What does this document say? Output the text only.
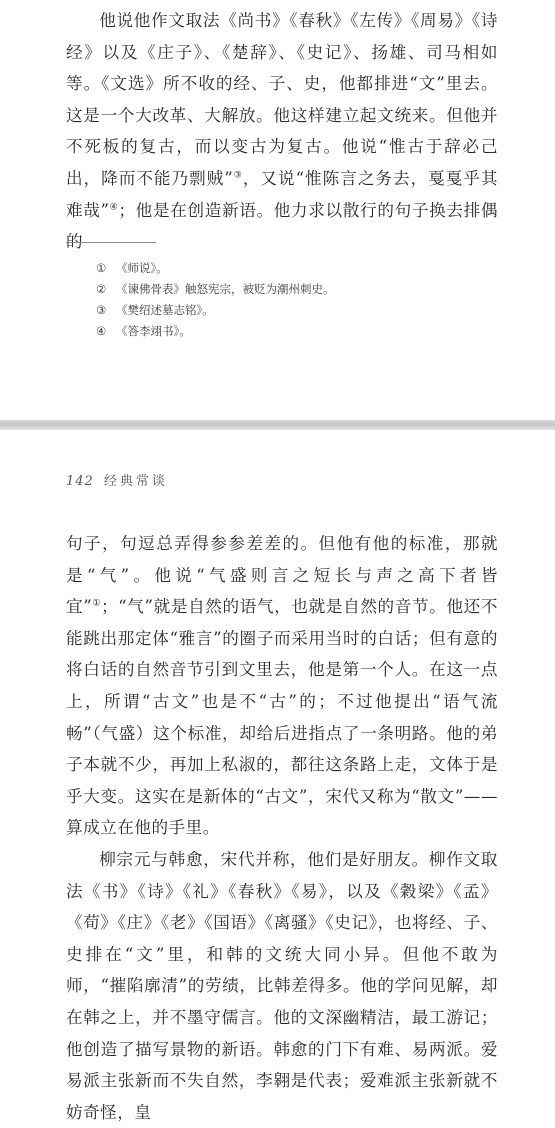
他说他作文取法《尚书》《春秋》《左传》《周易》《诗经》以及《庄子》、《楚辞》、《史记》、扬雄、司马相如等。《文选》所不收的经、子、史，他都排进“文”里去。这是一个大改革、大解放。他这样建立起文统来。但他并不死板的复古，而以变古为复古。他说“惟古于辞必己出，降而不能乃剽贼”③，又说“惟陈言之务去，戛戛乎其难哉”④；他是在创造新语。他力求以散行的句子换去排偶的

① 《师说》。
② 《谏佛骨表》触怒宪宗，被贬为潮州刺史。
③ 《樊绍述墓志铭》。
④ 《答李翊书》。
142 经典常谈

句子，句逗总弄得参参差差的。但他有他的标准，那就是“气”。他说“气盛则言之短长与声之高下者皆宜”①；“气”就是自然的语气，也就是自然的音节。他还不能跳出那定体“雅言”的圈子而采用当时的白话；但有意的将白话的自然音节引到文里去，他是第一个人。在这一点上，所谓“古文”也是不“古”的；不过他提出“语气流畅”（气盛）这个标准，却给后进指点了一条明路。他的弟子本就不少，再加上私淑的，都往这条路上走，文体于是乎大变。这实在是新体的“古文”，宋代又称为“散文”——算成立在他的手里。

柳宗元与韩愈，宋代并称，他们是好朋友。柳作文取法《书》《诗》《礼》《春秋》《易》，以及《穀梁》《孟》《荀》《庄》《老》《国语》《离骚》《史记》，也将经、子、史排在“文”里，和韩的文统大同小异。但他不敢为师，“摧陷廓清”的劳绩，比韩差得多。他的学问见解，却在韩之上，并不墨守儒言。他的文深幽精洁，最工游记；他创造了描写景物的新语。韩愈的门下有难、易两派。爱易派主张新而不失自然，李翱是代表；爱难派主张新就不妨奇怪，皇
